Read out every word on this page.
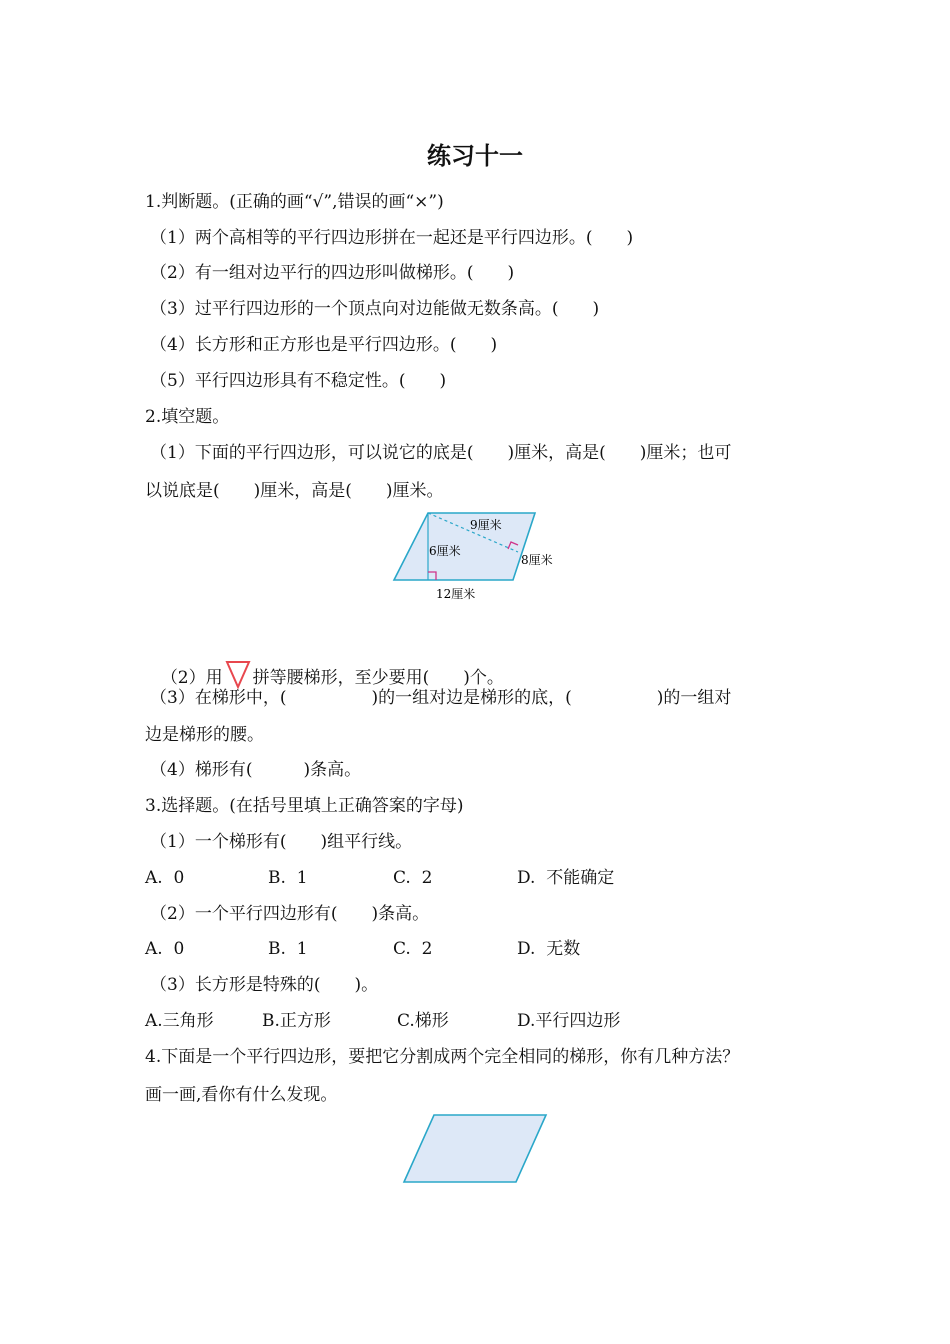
练习十一
1.判断题。(正确的画“√”,错误的画“×”)
（1）两个高相等的平行四边形拼在一起还是平行四边形。(　　)
（2）有一组对边平行的四边形叫做梯形。(　　)
（3）过平行四边形的一个顶点向对边能做无数条高。(　　)
（4）长方形和正方形也是平行四边形。(　　)
（5）平行四边形具有不稳定性。(　　)
2.填空题。
（1）下面的平行四边形，可以说它的底是(　　)厘米，高是(　　)厘米；也可
以说底是(　　)厘米，高是(　　)厘米。
9厘米
6厘米
8厘米
12厘米

（2）用 拼等腰梯形，至少要用(　　)个。

（3）在梯形中，(　　　　　)的一组对边是梯形的底，(　　　　　)的一组对
边是梯形的腰。
（4）梯形有(　　　)条高。
3.选择题。(在括号里填上正确答案的字母)
（1）一个梯形有(　　)组平行线。
A.  0	B.  1	C.  2	D.  不能确定
（2）一个平行四边形有(　　)条高。
A.  0	B.  1	C.  2	D.  无数
（3）长方形是特殊的(　　)。
A.三角形	B.正方形	C.梯形	D.平行四边形
4.下面是一个平行四边形，要把它分割成两个完全相同的梯形，你有几种方法？
画一画,看你有什么发现。
